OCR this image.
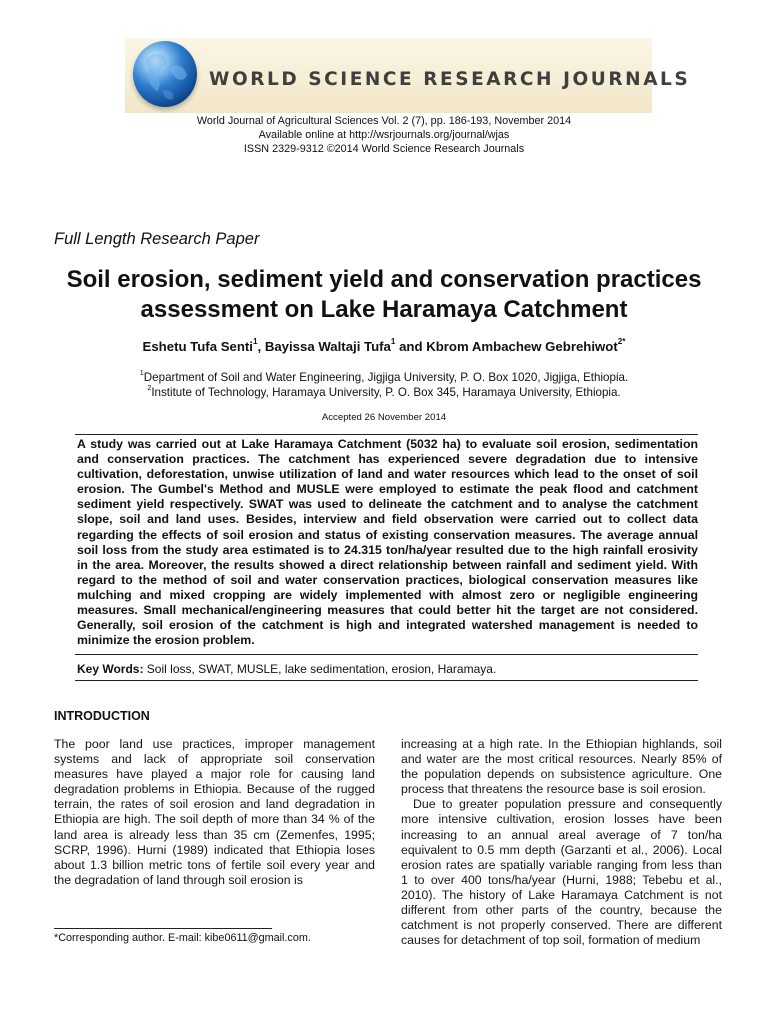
WORLD SCIENCE RESEARCH JOURNALS
World Journal of Agricultural Sciences Vol. 2 (7), pp. 186-193, November 2014
Available online at http://wsrjournals.org/journal/wjas
ISSN 2329-9312 ©2014 World Science Research Journals
Full Length Research Paper
Soil erosion, sediment yield and conservation practices assessment on Lake Haramaya Catchment
Eshetu Tufa Senti$^1$, Bayissa Waltaji Tufa$^1$ and Kbrom Ambachew Gebrehiwot$^{2*}$
$^1$Department of Soil and Water Engineering, Jigjiga University, P. O. Box 1020, Jigjiga, Ethiopia.
$^2$Institute of Technology, Haramaya University, P. O. Box 345, Haramaya University, Ethiopia.
Accepted 26 November 2014
A study was carried out at Lake Haramaya Catchment (5032 ha) to evaluate soil erosion, sedimentation and conservation practices. The catchment has experienced severe degradation due to intensive cultivation, deforestation, unwise utilization of land and water resources which lead to the onset of soil erosion. The Gumbel's Method and MUSLE were employed to estimate the peak flood and catchment sediment yield respectively. SWAT was used to delineate the catchment and to analyse the catchment slope, soil and land uses. Besides, interview and field observation were carried out to collect data regarding the effects of soil erosion and status of existing conservation measures. The average annual soil loss from the study area estimated is to 24.315 ton/ha/year resulted due to the high rainfall erosivity in the area. Moreover, the results showed a direct relationship between rainfall and sediment yield. With regard to the method of soil and water conservation practices, biological conservation measures like mulching and mixed cropping are widely implemented with almost zero or negligible engineering measures. Small mechanical/engineering measures that could better hit the target are not considered. Generally, soil erosion of the catchment is high and integrated watershed management is needed to minimize the erosion problem.
Key Words: Soil loss, SWAT, MUSLE, lake sedimentation, erosion, Haramaya.
INTRODUCTION
The poor land use practices, improper management systems and lack of appropriate soil conservation measures have played a major role for causing land degradation problems in Ethiopia. Because of the rugged terrain, the rates of soil erosion and land degradation in Ethiopia are high. The soil depth of more than 34 % of the land area is already less than 35 cm (Zemenfes, 1995; SCRP, 1996). Hurni (1989) indicated that Ethiopia loses about 1.3 billion metric tons of fertile soil every year and the degradation of land through soil erosion is
increasing at a high rate. In the Ethiopian highlands, soil and water are the most critical resources. Nearly 85% of the population depends on subsistence agriculture. One process that threatens the resource base is soil erosion.
Due to greater population pressure and consequently more intensive cultivation, erosion losses have been increasing to an annual areal average of 7 ton/ha equivalent to 0.5 mm depth (Garzanti et al., 2006). Local erosion rates are spatially variable ranging from less than 1 to over 400 tons/ha/year (Hurni, 1988; Tebebu et al., 2010). The history of Lake Haramaya Catchment is not different from other parts of the country, because the catchment is not properly conserved. There are different causes for detachment of top soil, formation of medium
*Corresponding author. E-mail: kibe0611@gmail.com.
